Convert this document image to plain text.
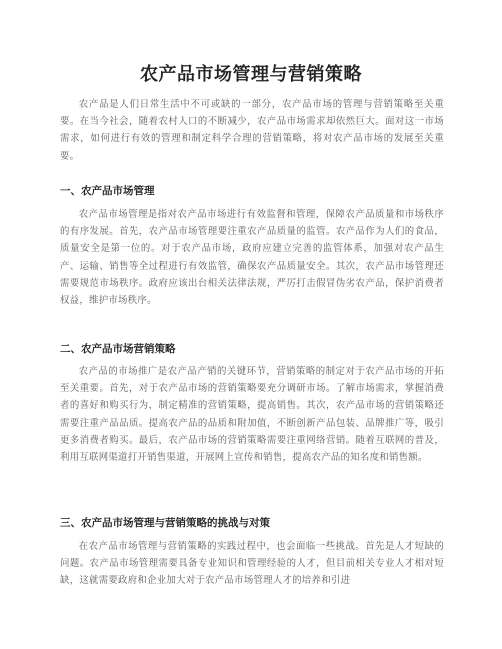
农产品市场管理与营销策略

农产品是人们日常生活中不可或缺的一部分，农产品市场的管理与营销策略至关重要。在当今社会，随着农村人口的不断减少，农产品市场需求却依然巨大。面对这一市场需求，如何进行有效的管理和制定科学合理的营销策略，将对农产品市场的发展至关重要。

一、农产品市场管理

农产品市场管理是指对农产品市场进行有效监督和管理，保障农产品质量和市场秩序的有序发展。首先，农产品市场管理要注重农产品质量的监管。农产品作为人们的食品，质量安全是第一位的。对于农产品市场，政府应建立完善的监管体系，加强对农产品生产、运输、销售等全过程进行有效监管，确保农产品质量安全。其次，农产品市场管理还需要规范市场秩序。政府应该出台相关法律法规，严厉打击假冒伪劣农产品，保护消费者权益，维护市场秩序。

二、农产品市场营销策略

农产品的市场推广是农产品产销的关键环节，营销策略的制定对于农产品市场的开拓至关重要。首先，对于农产品市场的营销策略要充分调研市场。了解市场需求，掌握消费者的喜好和购买行为，制定精准的营销策略，提高销售。其次，农产品市场的营销策略还需要注重产品品质。提高农产品的品质和附加值，不断创新产品包装、品牌推广等，吸引更多消费者购买。最后，农产品市场的营销策略需要注重网络营销。随着互联网的普及，利用互联网渠道打开销售渠道，开展网上宣传和销售，提高农产品的知名度和销售额。

三、农产品市场管理与营销策略的挑战与对策

在农产品市场管理与营销策略的实践过程中，也会面临一些挑战。首先是人才短缺的问题。农产品市场管理需要具备专业知识和管理经验的人才，但目前相关专业人才相对短缺，这就需要政府和企业加大对于农产品市场管理人才的培养和引进
